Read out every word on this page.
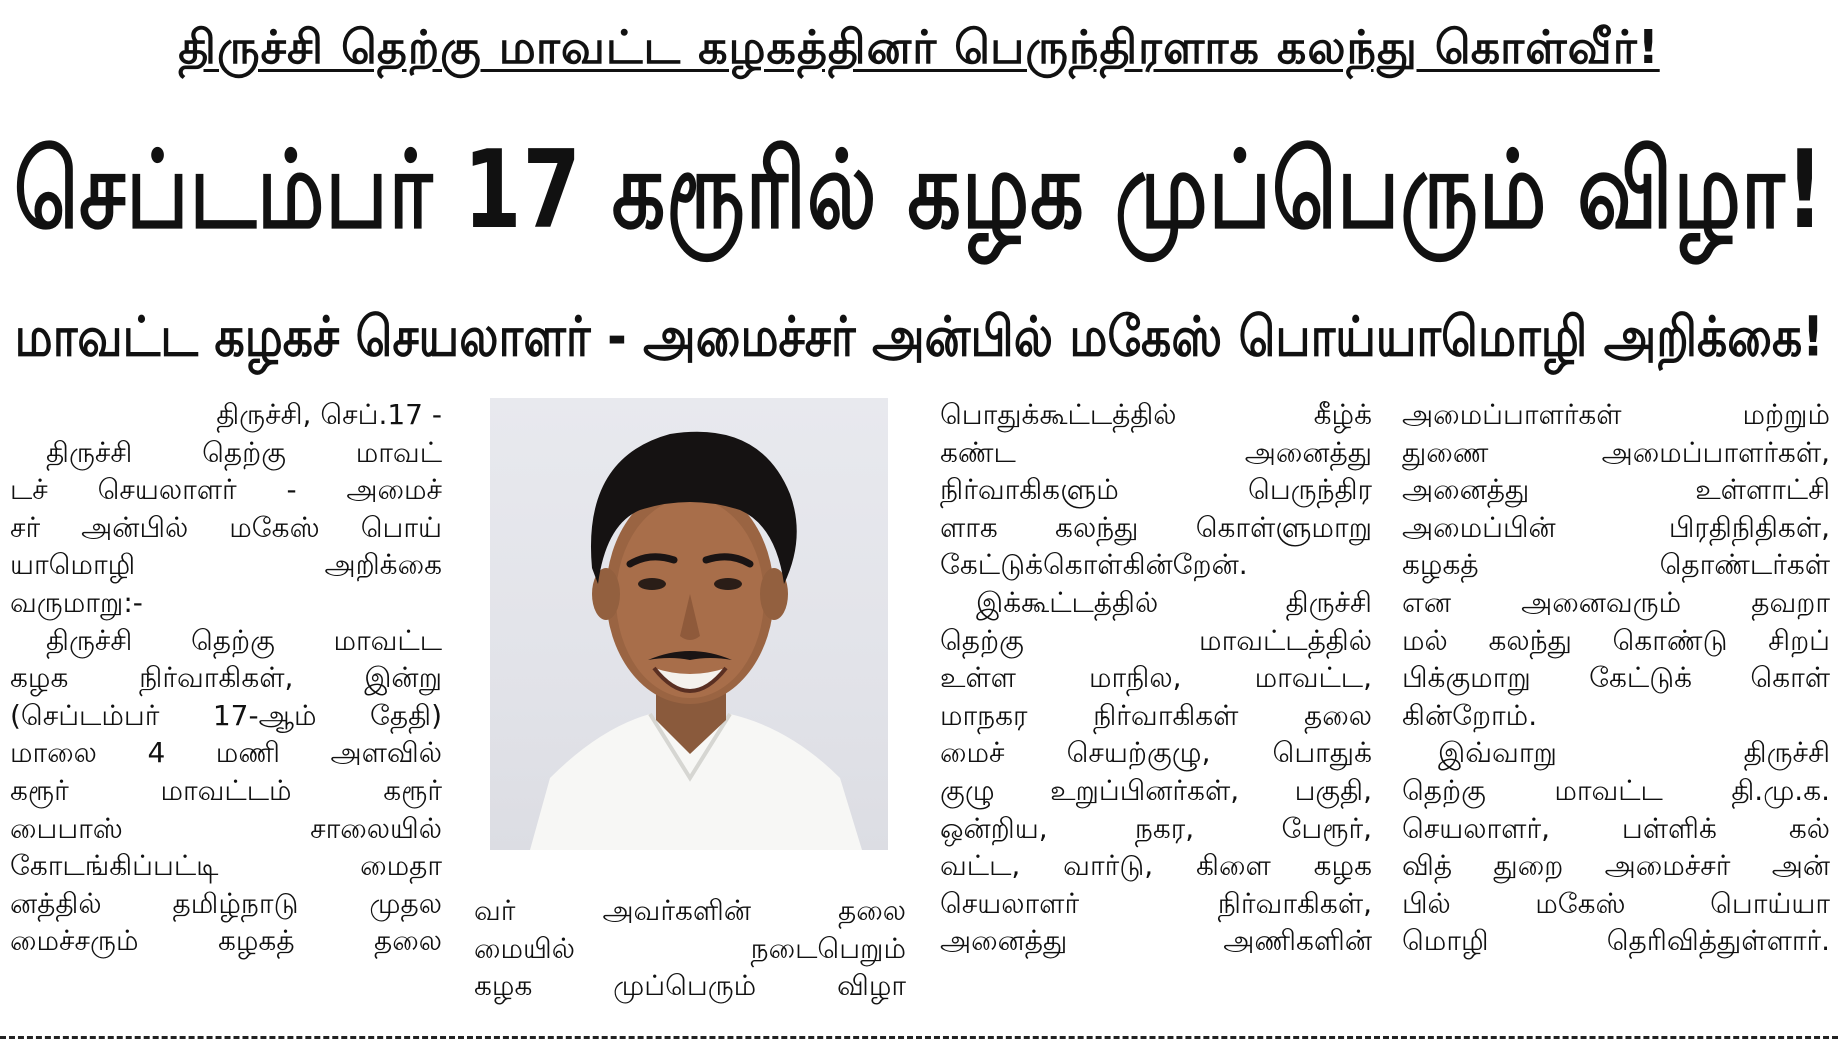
திருச்சி தெற்கு மாவட்ட கழகத்தினர் பெருந்திரளாக கலந்து கொள்வீர்!
செப்டம்பர் 17 கரூரில் கழக முப்பெரும் விழா!
மாவட்ட கழகச் செயலாளர் - அமைச்சர் அன்பில் மகேஸ் பொய்யாமொழி அறிக்கை!
திருச்சி, செப்.17 -
திருச்சி தெற்கு மாவட்
டச் செயலாளர் - அமைச்
சர் அன்பில் மகேஸ் பொய்
யாமொழி அறிக்கை
வருமாறு:-
திருச்சி தெற்கு மாவட்ட
கழக நிர்வாகிகள், இன்று
(செப்டம்பர் 17-ஆம் தேதி)
மாலை 4 மணி அளவில்
கரூர் மாவட்டம் கரூர்
பைபாஸ் சாலையில்
கோடங்கிப்பட்டி மைதா
னத்தில் தமிழ்நாடு முதல
மைச்சரும் கழகத் தலை
வர் அவர்களின் தலை
மையில் நடைபெறும்
கழக முப்பெரும் விழா
பொதுக்கூட்டத்தில் கீழ்க்
கண்ட அனைத்து
நிர்வாகிகளும் பெருந்திர
ளாக கலந்து கொள்ளுமாறு
கேட்டுக்கொள்கின்றேன்.
இக்கூட்டத்தில் திருச்சி
தெற்கு மாவட்டத்தில்
உள்ள மாநில, மாவட்ட,
மாநகர நிர்வாகிகள் தலை
மைச் செயற்குழு, பொதுக்
குழு உறுப்பினர்கள், பகுதி,
ஒன்றிய, நகர, பேரூர்,
வட்ட, வார்டு, கிளை கழக
செயலாளர் நிர்வாகிகள்,
அனைத்து அணிகளின்
அமைப்பாளர்கள் மற்றும்
துணை அமைப்பாளர்கள்,
அனைத்து உள்ளாட்சி
அமைப்பின் பிரதிநிதிகள்,
கழகத் தொண்டர்கள்
என அனைவரும் தவறா
மல் கலந்து கொண்டு சிறப்
பிக்குமாறு கேட்டுக் கொள்
கின்றோம்.
இவ்வாறு திருச்சி
தெற்கு மாவட்ட தி.மு.க.
செயலாளர், பள்ளிக் கல்
வித் துறை அமைச்சர் அன்
பில் மகேஸ் பொய்யா
மொழி தெரிவித்துள்ளார்.
